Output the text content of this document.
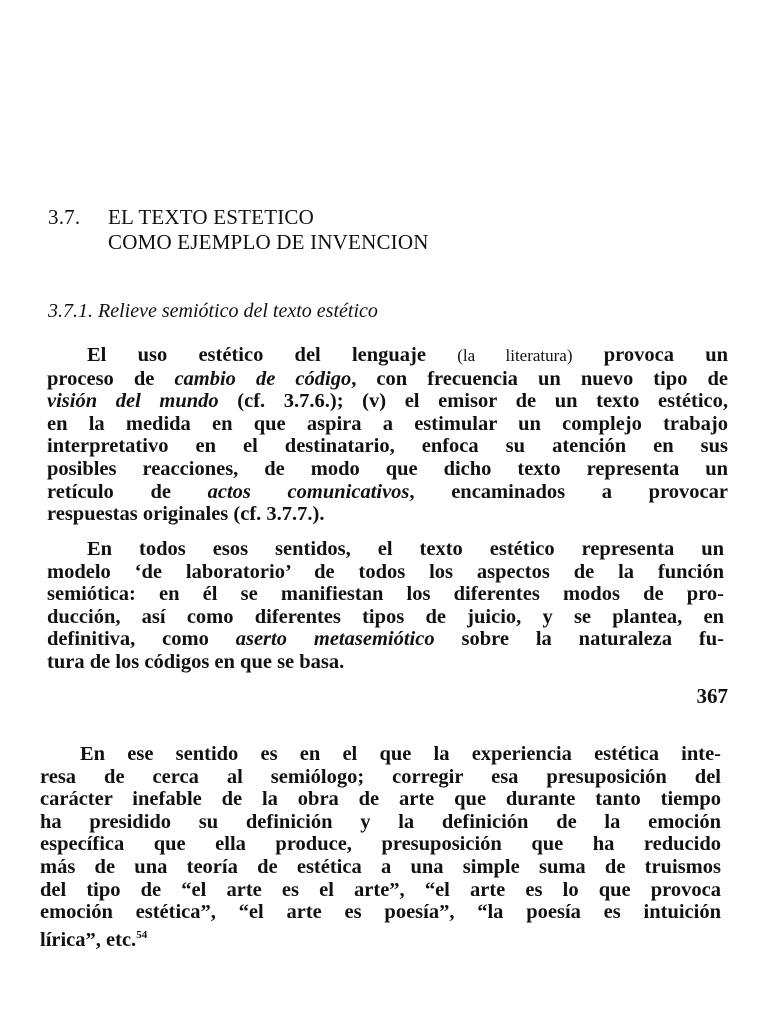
3.7. EL TEXTO ESTETICO
COMO EJEMPLO DE INVENCION
3.7.1. Relieve semiótico del texto estético
El uso estético del lenguaje (la literatura) provoca un
proceso de cambio de código, con frecuencia un nuevo tipo de
visión del mundo (cf. 3.7.6.); (v) el emisor de un texto estético,
en la medida en que aspira a estimular un complejo trabajo
interpretativo en el destinatario, enfoca su atención en sus
posibles reacciones, de modo que dicho texto representa un
retículo de actos comunicativos, encaminados a provocar
respuestas originales (cf. 3.7.7.).
En todos esos sentidos, el texto estético representa un
modelo ‘de laboratorio’ de todos los aspectos de la función
semiótica: en él se manifiestan los diferentes modos de pro-
ducción, así como diferentes tipos de juicio, y se plantea, en
definitiva, como aserto metasemiótico sobre la naturaleza fu-
tura de los códigos en que se basa.
367
En ese sentido es en el que la experiencia estética inte-
resa de cerca al semiólogo; corregir esa presuposición del
carácter inefable de la obra de arte que durante tanto tiempo
ha presidido su definición y la definición de la emoción
específica que ella produce, presuposición que ha reducido
más de una teoría de estética a una simple suma de truismos
del tipo de “el arte es el arte”, “el arte es lo que provoca
emoción estética”, “el arte es poesía”, “la poesía es intuición
lírica”, etc.$^{54}$
